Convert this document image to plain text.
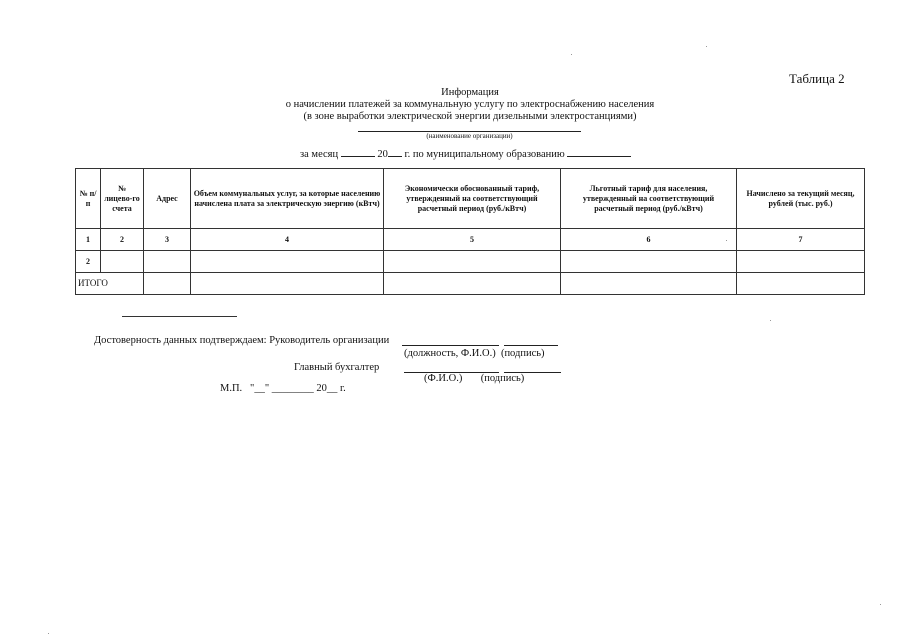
Таблица 2
Информация
о начислении платежей за коммунальную услугу по электроснабжению населения
(в зоне выработки электрической энергии дизельными электростанциями)
(наименование организации)
за месяц	20 г. по муниципальному образованию
№ п/п	№ лицево-го счета	Адрес	Объем коммунальных услуг, за которые населению начислена плата за электрическую энергию (кВтч)	Экономически обоснованный тариф, утвержденный на соответствующий расчетный период (руб./кВтч)	Льготный тариф для населения, утвержденный на соответствующий расчетный период (руб./кВтч)	Начислено за текущий месяц, рублей (тыс. руб.)
1	2	3	4	5	6	7
2						
ИТОГО						
Достоверность данных подтверждаем: Руководитель организации
(должность, Ф.И.О.)  (подпись)
Главный бухгалтер
(Ф.И.О.)       (подпись)
М.П.   "__" ________ 20__ г.
